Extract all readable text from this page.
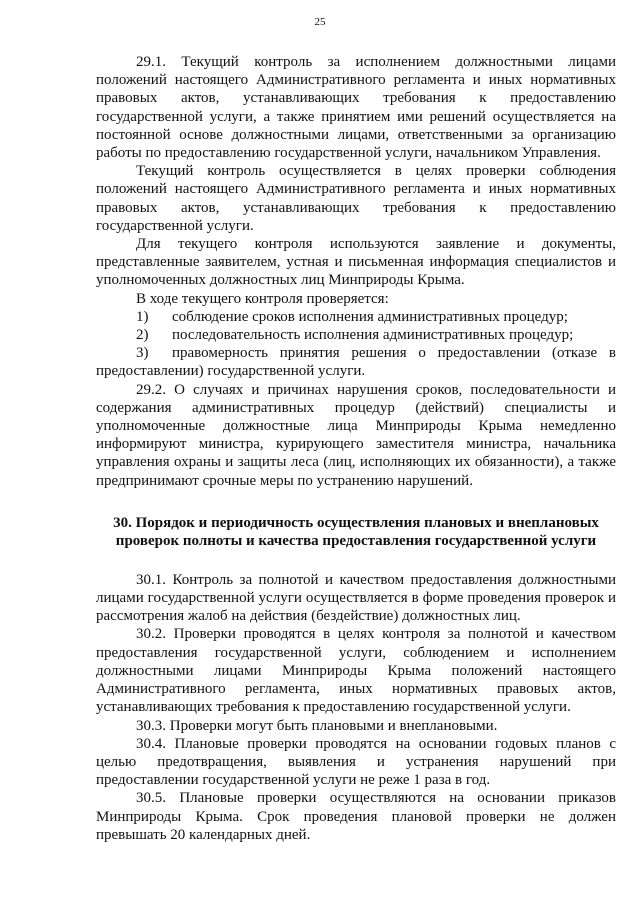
25

29.1. Текущий контроль за исполнением должностными лицами положений настоящего Административного регламента и иных нормативных правовых актов, устанавливающих требования к предоставлению государственной услуги, а также принятием ими решений осуществляется на постоянной основе должностными лицами, ответственными за организацию работы по предоставлению государственной услуги, начальником Управления.

Текущий контроль осуществляется в целях проверки соблюдения положений настоящего Административного регламента и иных нормативных правовых актов, устанавливающих требования к предоставлению государственной услуги.

Для текущего контроля используются заявление и документы, представленные заявителем, устная и письменная информация специалистов и уполномоченных должностных лиц Минприроды Крыма.

В ходе текущего контроля проверяется:

1) соблюдение сроков исполнения административных процедур;

2) последовательность исполнения административных процедур;

3) правомерность принятия решения о предоставлении (отказе в предоставлении) государственной услуги.

29.2. О случаях и причинах нарушения сроков, последовательности и содержания административных процедур (действий) специалисты и уполномоченные должностные лица Минприроды Крыма немедленно информируют министра, курирующего заместителя министра, начальника управления охраны и защиты леса (лиц, исполняющих их обязанности), а также предпринимают срочные меры по устранению нарушений.

30. Порядок и периодичность осуществления плановых и внеплановых проверок полноты и качества предоставления государственной услуги

30.1. Контроль за полнотой и качеством предоставления должностными лицами государственной услуги осуществляется в форме проведения проверок и рассмотрения жалоб на действия (бездействие) должностных лиц.

30.2. Проверки проводятся в целях контроля за полнотой и качеством предоставления государственной услуги, соблюдением и исполнением должностными лицами Минприроды Крыма положений настоящего Административного регламента, иных нормативных правовых актов, устанавливающих требования к предоставлению государственной услуги.

30.3. Проверки могут быть плановыми и внеплановыми.

30.4. Плановые проверки проводятся на основании годовых планов с целью предотвращения, выявления и устранения нарушений при предоставлении государственной услуги не реже 1 раза в год.

30.5. Плановые проверки осуществляются на основании приказов Минприроды Крыма. Срок проведения плановой проверки не должен превышать 20 календарных дней.
